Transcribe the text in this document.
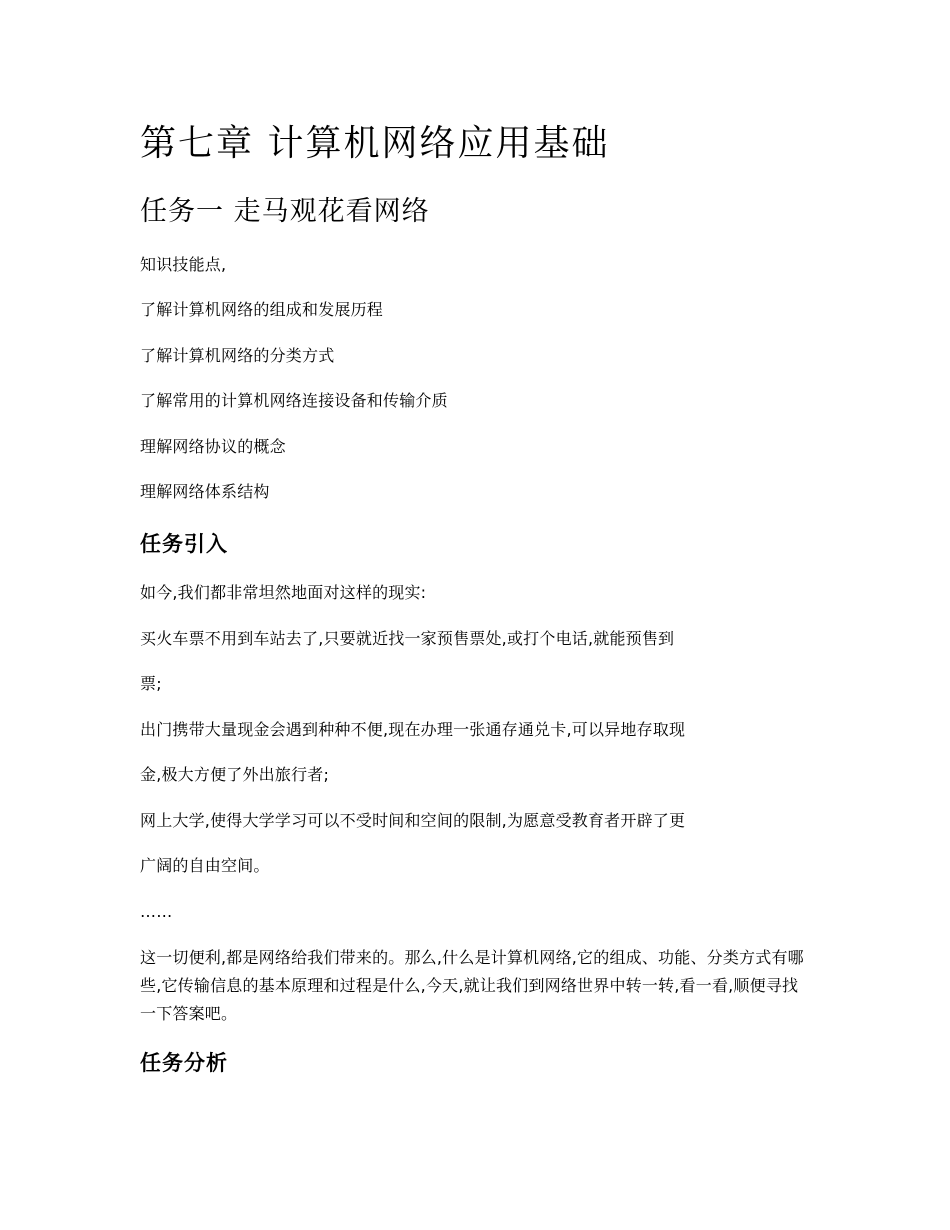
第七章 计算机网络应用基础
任务一 走马观花看网络

知识技能点,

了解计算机网络的组成和发展历程

了解计算机网络的分类方式

了解常用的计算机网络连接设备和传输介质

理解网络协议的概念

理解网络体系结构

任务引入

如今,我们都非常坦然地面对这样的现实:

买火车票不用到车站去了,只要就近找一家预售票处,或打个电话,就能预售到

票;

出门携带大量现金会遇到种种不便,现在办理一张通存通兑卡,可以异地存取现

金,极大方便了外出旅行者;

网上大学,使得大学学习可以不受时间和空间的限制,为愿意受教育者开辟了更

广阔的自由空间。

……

这一切便利,都是网络给我们带来的。那么,什么是计算机网络,它的组成、功能、分类方式有哪些,它传输信息的基本原理和过程是什么,今天,就让我们到网络世界中转一转,看一看,顺便寻找一下答案吧。

任务分析
